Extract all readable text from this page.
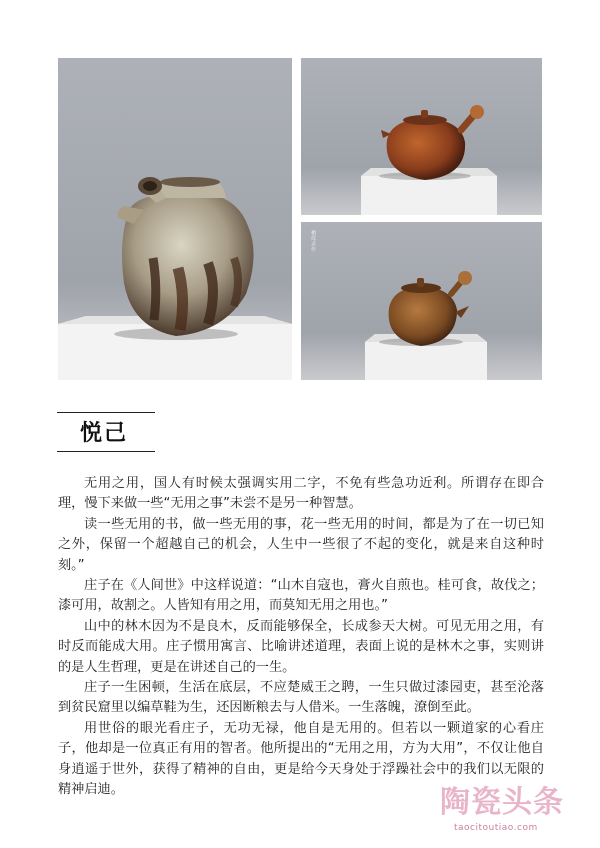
栖霞杀作
悦己

无用之用，国人有时候太强调实用二字，不免有些急功近利。所谓存在即合理，慢下来做一些“无用之事”未尝不是另一种智慧。

读一些无用的书，做一些无用的事，花一些无用的时间，都是为了在一切已知之外，保留一个超越自己的机会，人生中一些很了不起的变化，就是来自这种时刻。”

庄子在《人间世》中这样说道：“山木自寇也，膏火自煎也。桂可食，故伐之；漆可用，故割之。人皆知有用之用，而莫知无用之用也。”

山中的林木因为不是良木，反而能够保全，长成参天大树。可见无用之用，有时反而能成大用。庄子惯用寓言、比喻讲述道理，表面上说的是林木之事，实则讲的是人生哲理，更是在讲述自己的一生。

庄子一生困顿，生活在底层，不应楚威王之聘，一生只做过漆园吏，甚至沦落到贫民窟里以编草鞋为生，还因断粮去与人借米。一生落魄，潦倒至此。

用世俗的眼光看庄子，无功无禄，他自是无用的。但若以一颗道家的心看庄子，他却是一位真正有用的智者。他所提出的“无用之用，方为大用”，不仅让他自身逍遥于世外，获得了精神的自由，更是给今天身处于浮躁社会中的我们以无限的精神启迪。	陶瓷头条
taocitoutiao.com
